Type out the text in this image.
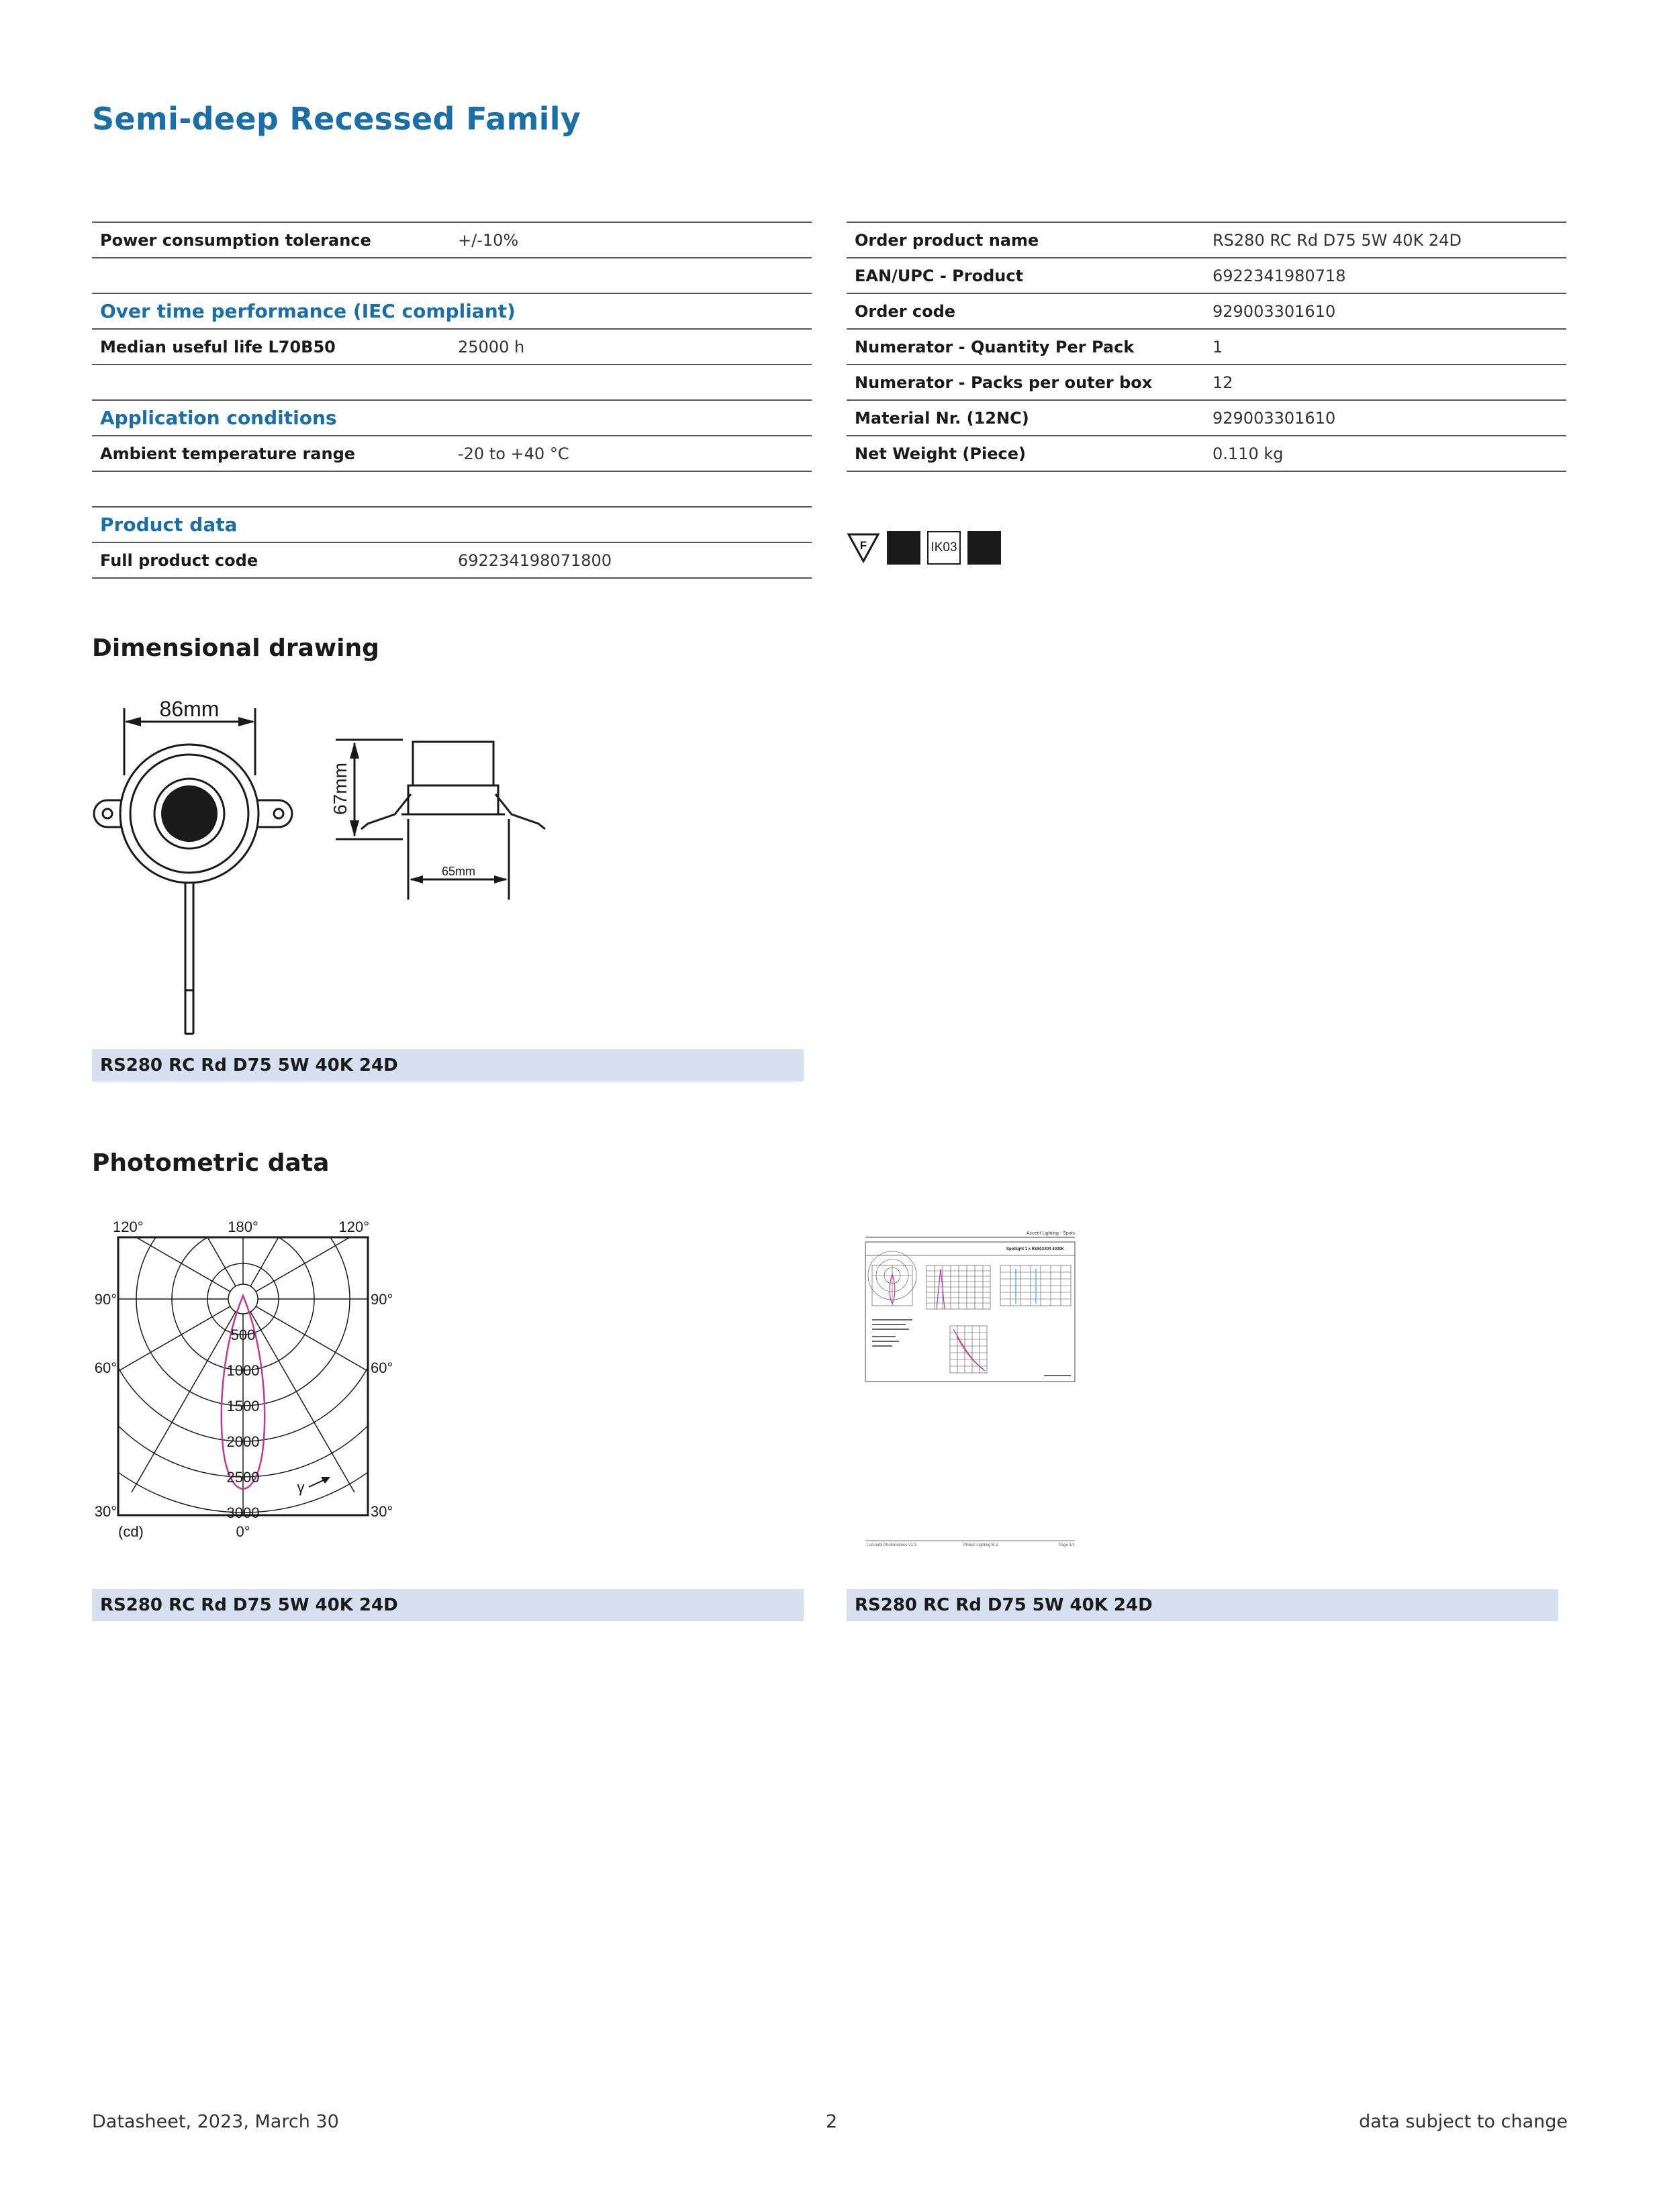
Semi-deep Recessed Family
Power consumption tolerance	+/-10%

Over time performance (IEC compliant)	
Median useful life L70B50	25000 h

Application conditions	
Ambient temperature range	-20 to +40 °C

Product data	
Full product code	692234198071800
Order product name	RS280 RC Rd D75 5W 40K 24D
EAN/UPC - Product	6922341980718
Order code	929003301610
Numerator - Quantity Per Pack	1
Numerator - Packs per outer box	12
Material Nr. (12NC)	929003301610
Net Weight (Piece)	0.110 kg
F	IK03
Dimensional drawing
86mm
67mm
65mm
RS280 RC Rd D75 5W 40K 24D
Photometric data
120°	180°	120°
90°
60°
30°
90°
60°
30°
500
1000
1500
2000
2500
3000
(cd)	0°
γ
Accent Lighting - Spots
Spotlight 1 x RS803X04 4000K
Lumout3 Photometrics V1.3	Philips Lighting B.V.	Page 1/1
RS280 RC Rd D75 5W 40K 24D	RS280 RC Rd D75 5W 40K 24D
Datasheet, 2023, March 30	2	data subject to change
